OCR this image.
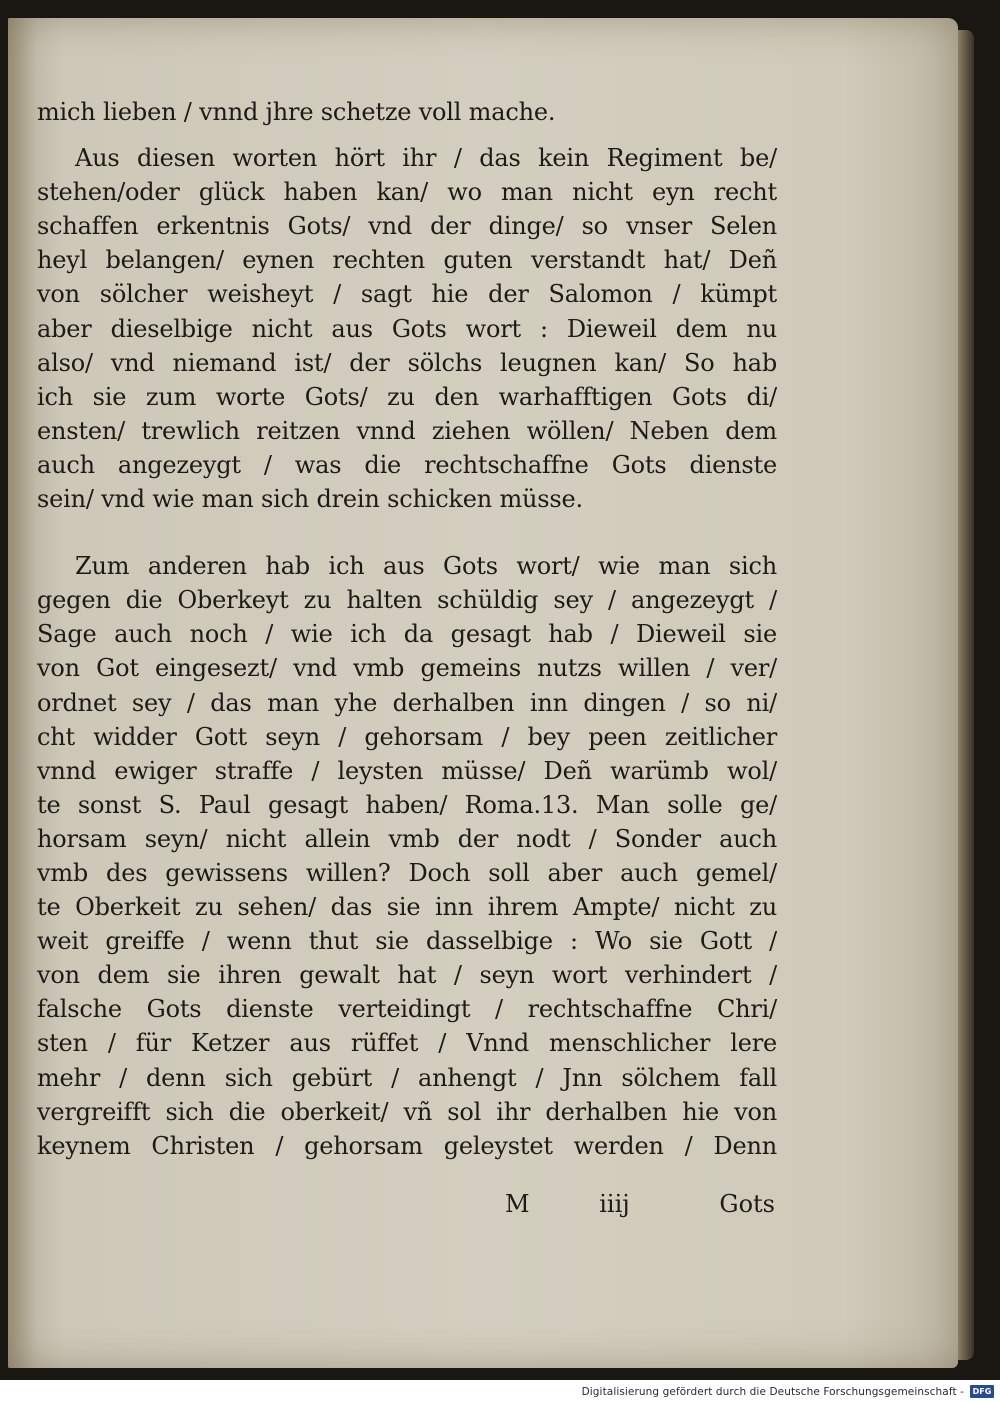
mich lieben / vnnd jhre schetze voll mache.
Aus diesen worten hört ihr / das kein Regiment be/
stehen/oder glück haben kan/ wo man nicht eyn recht
schaffen erkentnis Gots/ vnd der dinge/ so vnser Selen
heyl belangen/ eynen rechten guten verstandt hat/ Deñ
von sölcher weisheyt / sagt hie der Salomon / kümpt
aber dieselbige nicht aus Gots wort : Dieweil dem nu
also/ vnd niemand ist/ der sölchs leugnen kan/ So hab
ich sie zum worte Gots/ zu den warhafftigen Gots di/
ensten/ trewlich reitzen vnnd ziehen wöllen/ Neben dem
auch angezeygt / was die rechtschaffne Gots dienste
sein/ vnd wie man sich drein schicken müsse.
Zum anderen hab ich aus Gots wort/ wie man sich
gegen die Oberkeyt zu halten schüldig sey / angezeygt /
Sage auch noch / wie ich da gesagt hab / Dieweil sie
von Got eingesezt/ vnd vmb gemeins nutzs willen / ver/
ordnet sey / das man yhe derhalben inn dingen / so ni/
cht widder Gott seyn / gehorsam / bey peen zeitlicher
vnnd ewiger straffe / leysten müsse/ Deñ warümb wol/
te sonst S. Paul gesagt haben/ Roma.13. Man solle ge/
horsam seyn/ nicht allein vmb der nodt / Sonder auch
vmb des gewissens willen? Doch soll aber auch gemel/
te Oberkeit zu sehen/ das sie inn ihrem Ampte/ nicht zu
weit greiffe / wenn thut sie dasselbige : Wo sie Gott /
von dem sie ihren gewalt hat / seyn wort verhindert /
falsche Gots dienste verteidingt / rechtschaffne Chri/
sten / für Ketzer aus rüffet / Vnnd menschlicher lere
mehr / denn sich gebürt / anhengt / Jnn sölchem fall
vergreifft sich die oberkeit/ vñ sol ihr derhalben hie von
keynem Christen / gehorsam geleystet werden / Denn
M	iiij	Gots
Digitalisierung gefördert durch die Deutsche Forschungsgemeinschaft -	DFG
